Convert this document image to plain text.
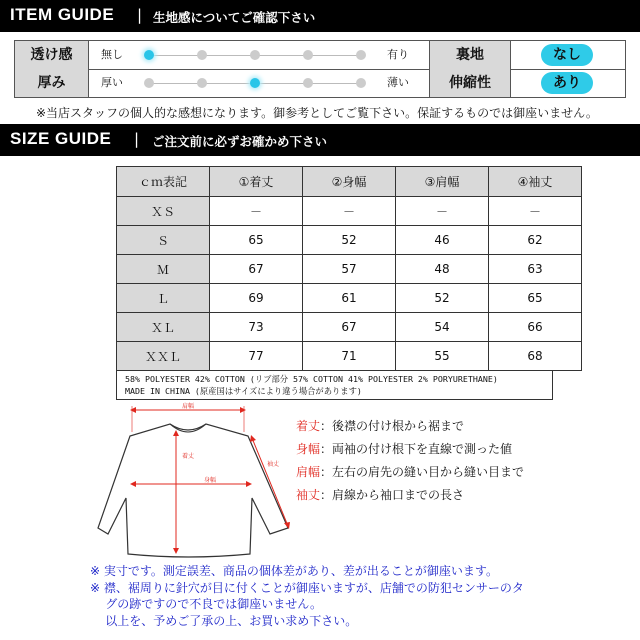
ITEM GUIDE | 生地感についてご確認下さい
透け感	無し	有り	裏地	なし
厚み	厚い	薄い	伸縮性	あり
※当店スタッフの個人的な感想になります。御参考としてご覧下さい。保証するものでは御座いません。
SIZE GUIDE | ご注文前に必ずお確かめ下さい
ｃｍ表記	①着丈	②身幅	③肩幅	④袖丈
ＸＳ	－	－	－	－
Ｓ	65	52	46	62
Ｍ	67	57	48	63
Ｌ	69	61	52	65
ＸＬ	73	67	54	66
ＸＸＬ	77	71	55	68
58% POLYESTER 42% COTTON (リブ部分 57% COTTON 41% POLYESTER 2% PORYURETHANE)
MADE IN CHINA (原産国はサイズにより違う場合があります)
肩幅
着丈
身幅
袖丈
着丈：後襟の付け根から裾まで
身幅：両袖の付け根下を直線で測った値
肩幅：左右の肩先の縫い目から縫い目まで
袖丈：肩線から袖口までの長さ
※ 実寸です。測定誤差、商品の個体差があり、差が出ることが御座います。
※ 襟、裾周りに針穴が目に付くことが御座いますが、店舗での防犯センサーのタ
グの跡ですので不良では御座いません。
以上を、予めご了承の上、お買い求め下さい。
